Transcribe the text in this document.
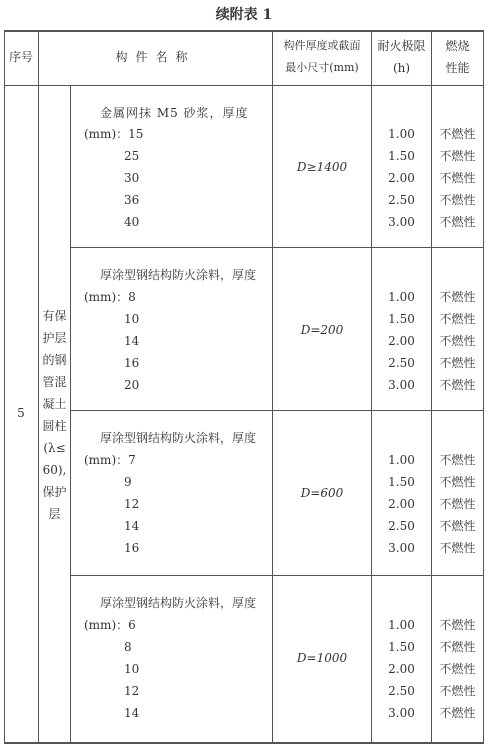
续附表 1
序号	构件名称
构件厚度或截面
最小尺寸(mm)
耐火极限
(h)
燃烧
性能
5
有保
护层
的钢
管混
凝土
圆柱
(λ≤
60),
保护
层
金属网抹 M5 砂浆，厚度
(mm)：15
25
30
36
40
D≥1400
1.00
1.50
2.00
2.50
3.00
不燃性
不燃性
不燃性
不燃性
不燃性
厚涂型钢结构防火涂料，厚度
(mm)：8
10
14
16
20
D=200
1.00
1.50
2.00
2.50
3.00
不燃性
不燃性
不燃性
不燃性
不燃性
厚涂型钢结构防火涂料，厚度
(mm)：7
9
12
14
16
D=600
1.00
1.50
2.00
2.50
3.00
不燃性
不燃性
不燃性
不燃性
不燃性
厚涂型钢结构防火涂料，厚度
(mm)：6
8
10
12
14
D=1000
1.00
1.50
2.00
2.50
3.00
不燃性
不燃性
不燃性
不燃性
不燃性
